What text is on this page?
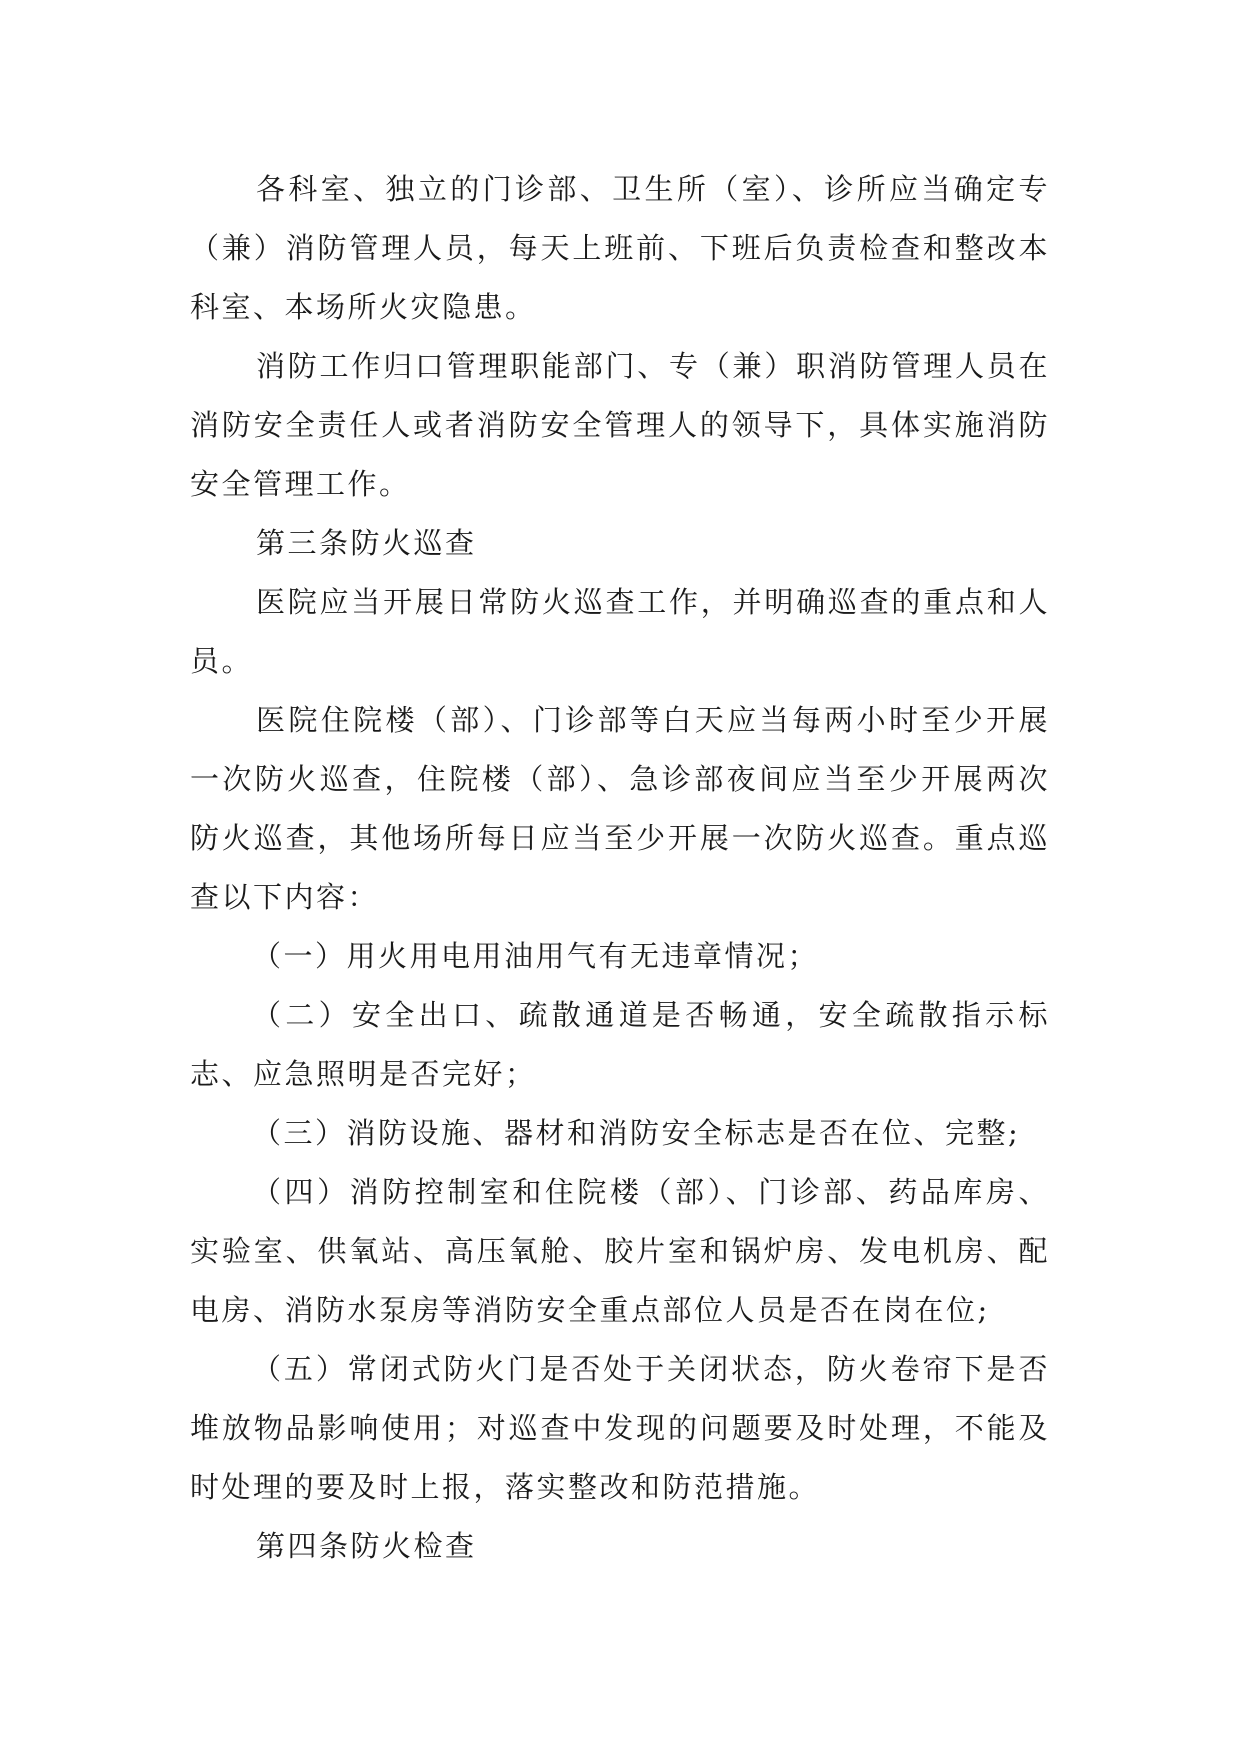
各科室、独立的门诊部、卫生所（室）、诊所应当确定专（兼）消防管理人员，每天上班前、下班后负责检查和整改本科室、本场所火灾隐患。

消防工作归口管理职能部门、专（兼）职消防管理人员在消防安全责任人或者消防安全管理人的领导下，具体实施消防安全管理工作。

第三条防火巡查

医院应当开展日常防火巡查工作，并明确巡查的重点和人员。

医院住院楼（部）、门诊部等白天应当每两小时至少开展一次防火巡查，住院楼（部）、急诊部夜间应当至少开展两次防火巡查，其他场所每日应当至少开展一次防火巡查。重点巡查以下内容：

（一）用火用电用油用气有无违章情况；

（二）安全出口、疏散通道是否畅通，安全疏散指示标志、应急照明是否完好；

（三）消防设施、器材和消防安全标志是否在位、完整;

（四）消防控制室和住院楼（部）、门诊部、药品库房、实验室、供氧站、高压氧舱、胶片室和锅炉房、发电机房、配电房、消防水泵房等消防安全重点部位人员是否在岗在位;

（五）常闭式防火门是否处于关闭状态，防火卷帘下是否堆放物品影响使用；对巡查中发现的问题要及时处理，不能及时处理的要及时上报，落实整改和防范措施。

第四条防火检查
